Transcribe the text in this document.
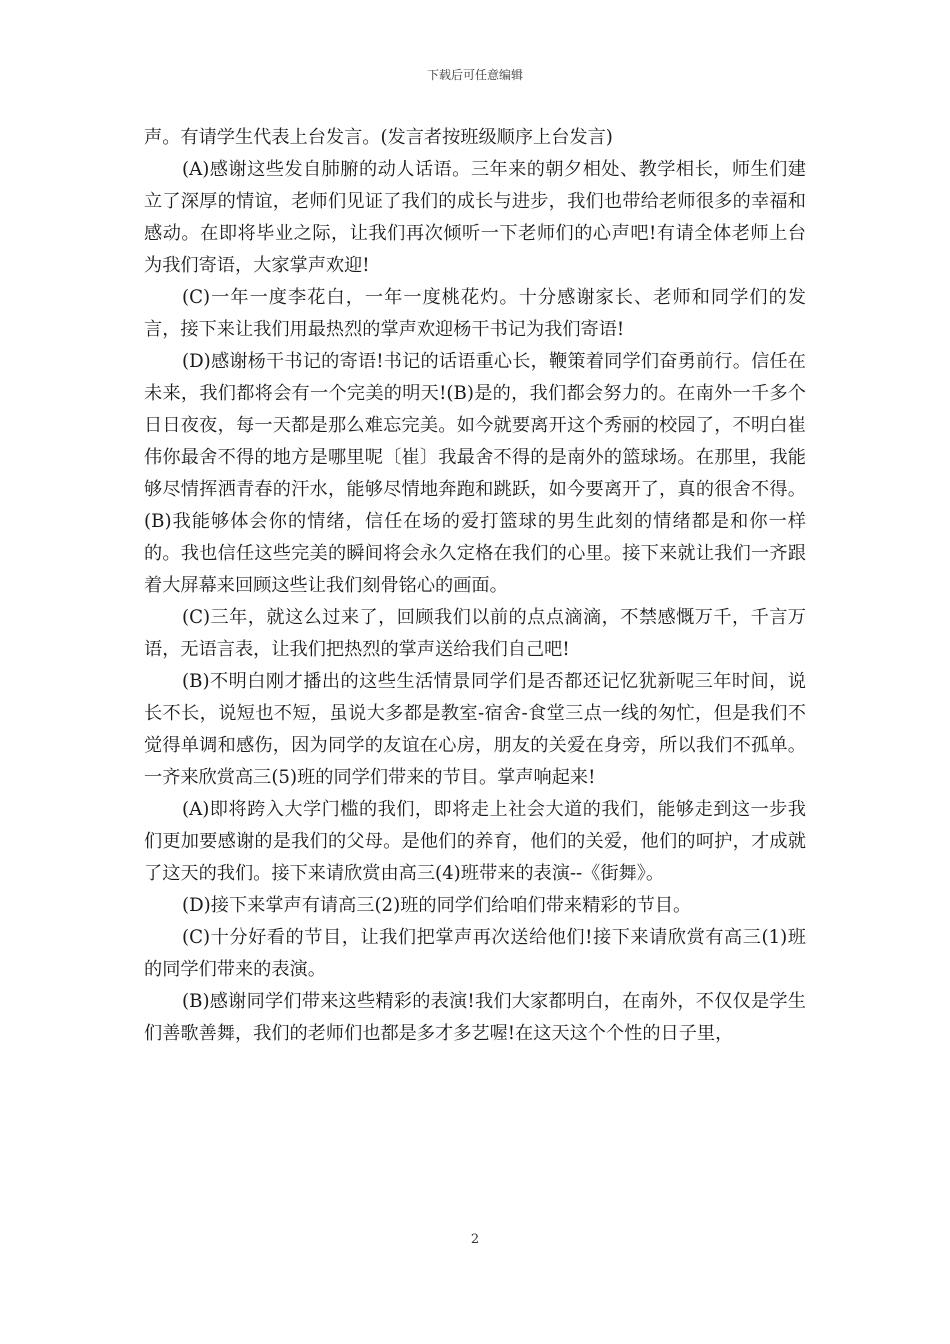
下载后可任意编辑

声。有请学生代表上台发言。(发言者按班级顺序上台发言)

(A)感谢这些发自肺腑的动人话语。三年来的朝夕相处、教学相长，师生们建立了深厚的情谊，老师们见证了我们的成长与进步，我们也带给老师很多的幸福和感动。在即将毕业之际，让我们再次倾听一下老师们的心声吧!有请全体老师上台为我们寄语，大家掌声欢迎!

(C)一年一度李花白，一年一度桃花灼。十分感谢家长、老师和同学们的发言，接下来让我们用最热烈的掌声欢迎杨干书记为我们寄语!

(D)感谢杨干书记的寄语!书记的话语重心长，鞭策着同学们奋勇前行。信任在未来，我们都将会有一个完美的明天!(B)是的，我们都会努力的。在南外一千多个日日夜夜，每一天都是那么难忘完美。如今就要离开这个秀丽的校园了，不明白崔伟你最舍不得的地方是哪里呢〔崔〕我最舍不得的是南外的篮球场。在那里，我能够尽情挥洒青春的汗水，能够尽情地奔跑和跳跃，如今要离开了，真的很舍不得。(B)我能够体会你的情绪，信任在场的爱打篮球的男生此刻的情绪都是和你一样的。我也信任这些完美的瞬间将会永久定格在我们的心里。接下来就让我们一齐跟着大屏幕来回顾这些让我们刻骨铭心的画面。

(C)三年，就这么过来了，回顾我们以前的点点滴滴，不禁感慨万千，千言万语，无语言表，让我们把热烈的掌声送给我们自己吧!

(B)不明白刚才播出的这些生活情景同学们是否都还记忆犹新呢三年时间，说长不长，说短也不短，虽说大多都是教室-宿舍-食堂三点一线的匆忙，但是我们不觉得单调和感伤，因为同学的友谊在心房，朋友的关爱在身旁，所以我们不孤单。一齐来欣赏高三(5)班的同学们带来的节目。掌声响起来!

(A)即将跨入大学门槛的我们，即将走上社会大道的我们，能够走到这一步我们更加要感谢的是我们的父母。是他们的养育，他们的关爱，他们的呵护，才成就了这天的我们。接下来请欣赏由高三(4)班带来的表演--《街舞》。

(D)接下来掌声有请高三(2)班的同学们给咱们带来精彩的节目。

(C)十分好看的节目，让我们把掌声再次送给他们!接下来请欣赏有高三(1)班的同学们带来的表演。

(B)感谢同学们带来这些精彩的表演!我们大家都明白，在南外，不仅仅是学生们善歌善舞，我们的老师们也都是多才多艺喔!在这天这个个性的日子里，

2
